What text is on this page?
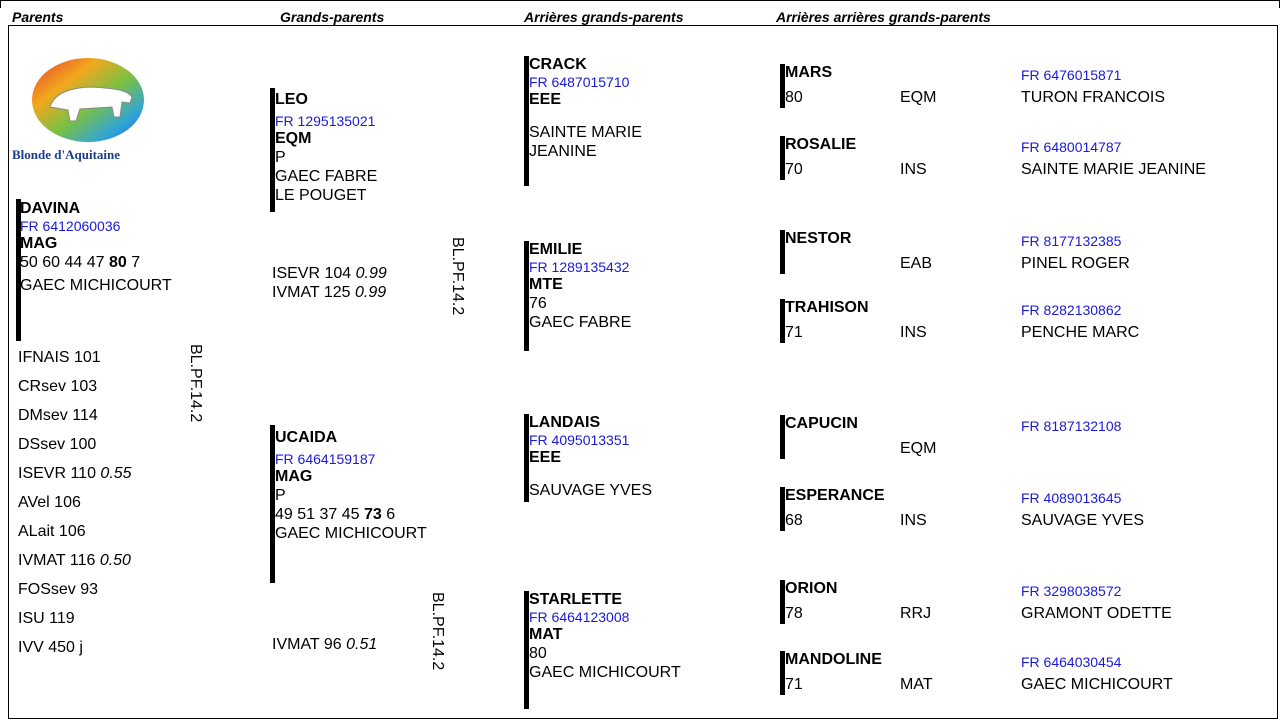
Parents	Grands-parents	Arrières grands-parents	Arrières arrières grands-parents
Blonde d'Aquitaine
DAVINA
FR 6412060036
MAG
50 60 44 47 80 7
GAEC MICHICOURT
IFNAIS 101
CRsev 103
DMsev 114
DSsev 100
ISEVR 110 0.55
AVel 106
ALait 106
IVMAT 116 0.50
FOSsev 93
ISU 119
IVV 450 j
BL.PF.14.2
LEO
FR 1295135021
EQM
P
GAEC FABRE
LE POUGET
ISEVR 104 0.99
IVMAT 125 0.99	BL.PF.14.2
UCAIDA
FR 6464159187
MAG
P
49 51 37 45 73 6
GAEC MICHICOURT
IVMAT 96 0.51	BL.PF.14.2
CRACK
FR 6487015710
EEE
SAINTE MARIE
JEANINE
EMILIE
FR 1289135432
MTE
76
GAEC FABRE
LANDAIS
FR 4095013351
EEE
SAUVAGE YVES
STARLETTE
FR 6464123008
MAT
80
GAEC MICHICOURT
MARS
80	EQM
FR 6476015871
TURON FRANCOIS
ROSALIE
70	INS
FR 6480014787
SAINTE MARIE JEANINE
NESTOR
EAB
FR 8177132385
PINEL ROGER
TRAHISON
71	INS
FR 8282130862
PENCHE MARC
CAPUCIN
EQM
FR 8187132108
ESPERANCE
68	INS
FR 4089013645
SAUVAGE YVES
ORION
78	RRJ
FR 3298038572
GRAMONT ODETTE
MANDOLINE
71	MAT
FR 6464030454
GAEC MICHICOURT
